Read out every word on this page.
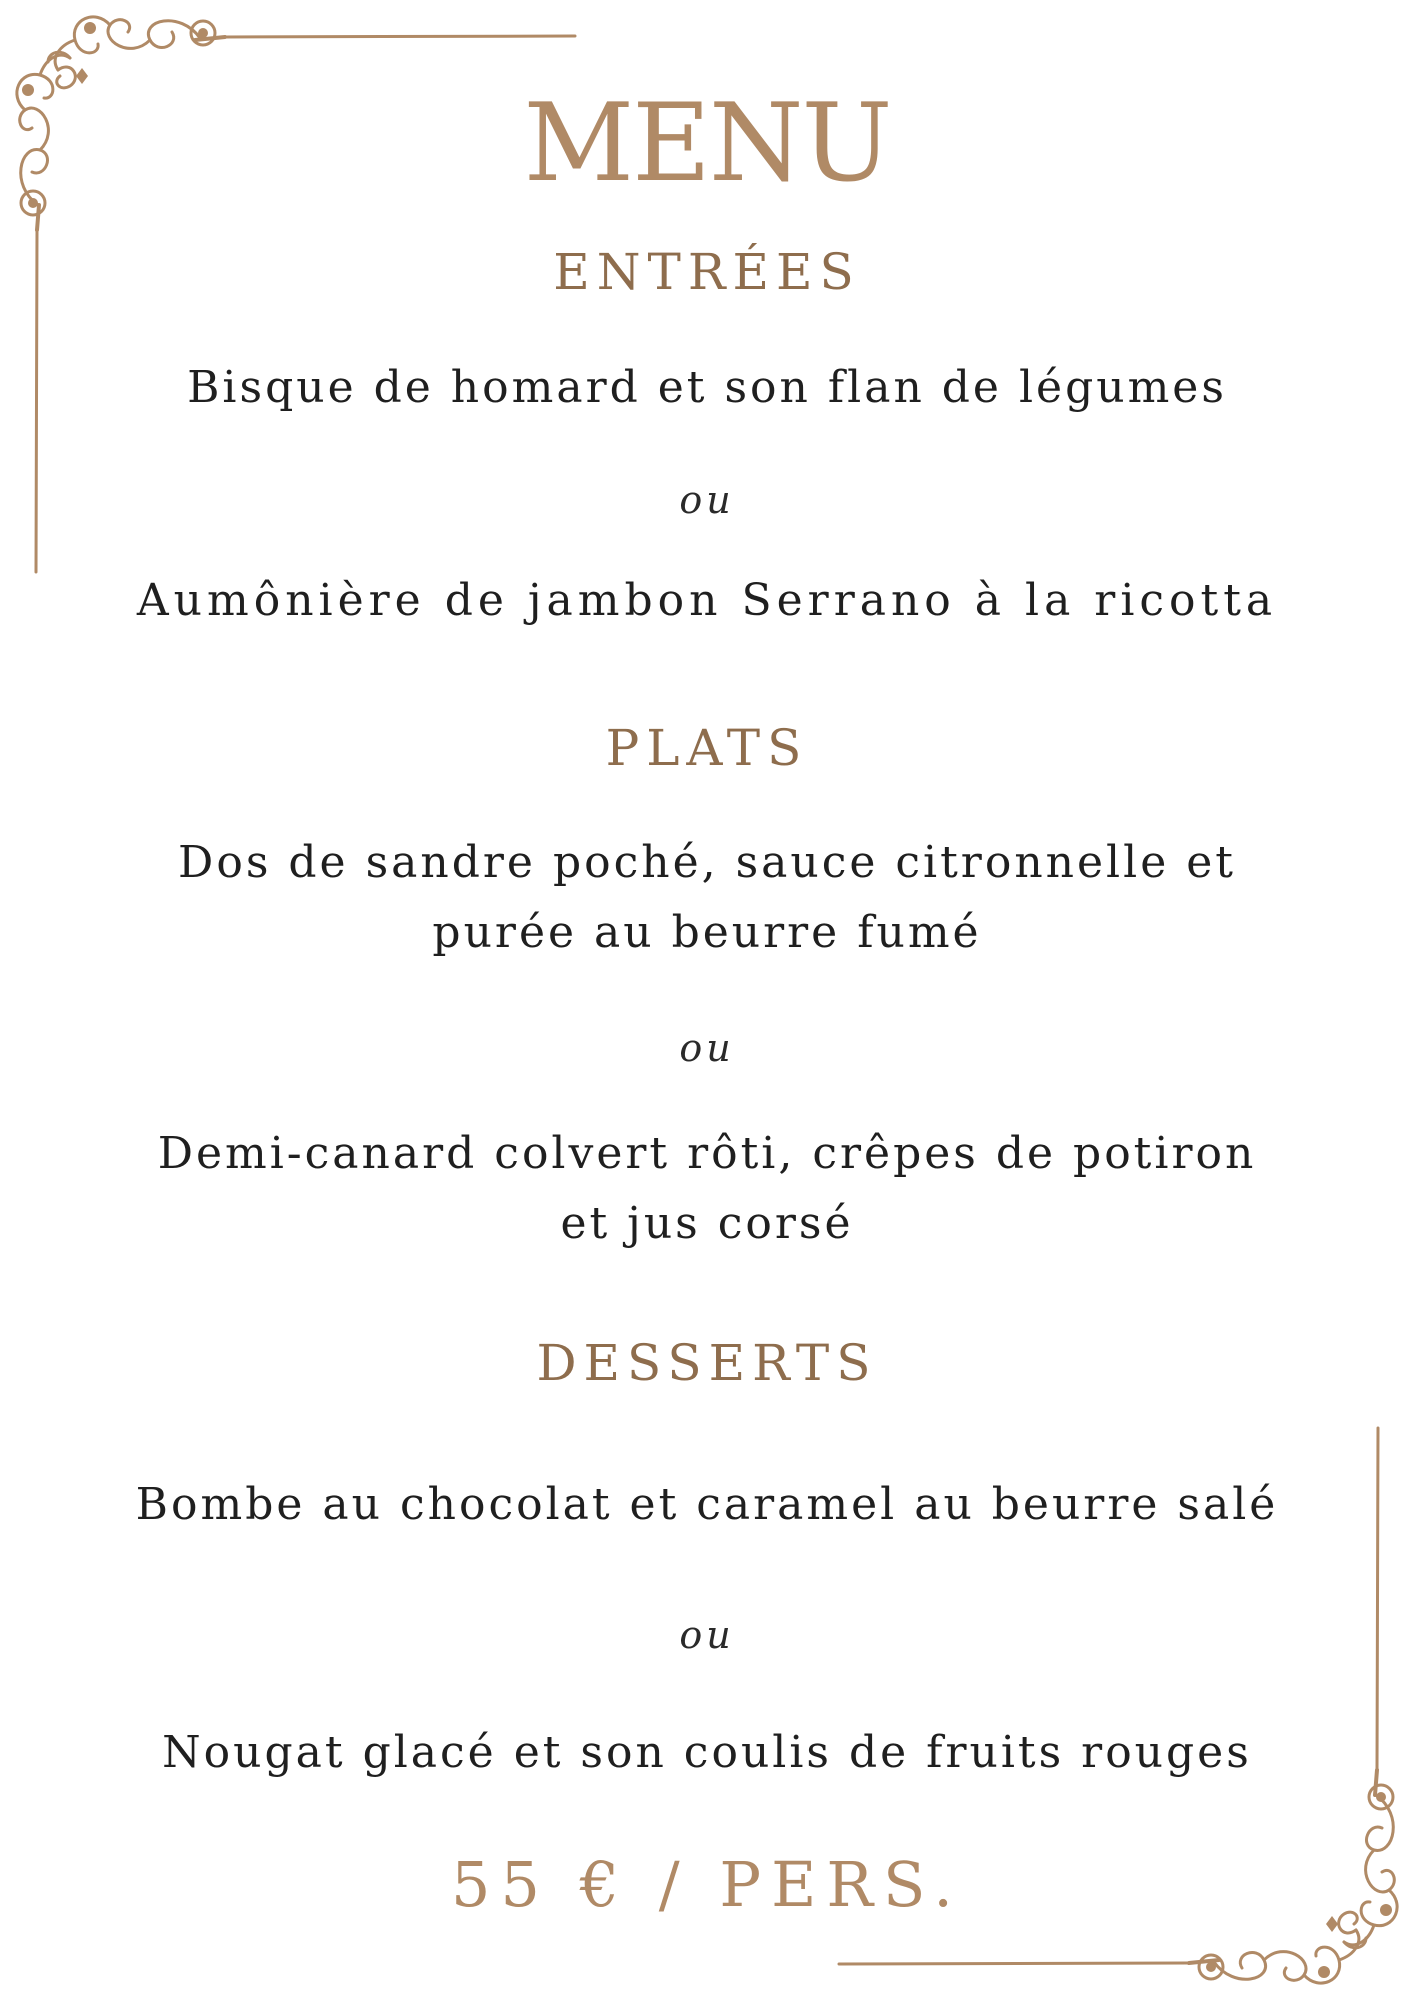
MENU
ENTRÉES
Bisque de homard et son flan de légumes
ou
Aumônière de jambon Serrano à la ricotta
PLATS
Dos de sandre poché, sauce citronnelle et
purée au beurre fumé
ou
Demi-canard colvert rôti, crêpes de potiron
et jus corsé
DESSERTS
Bombe au chocolat et caramel au beurre salé
ou
Nougat glacé et son coulis de fruits rouges
55 € / PERS.
